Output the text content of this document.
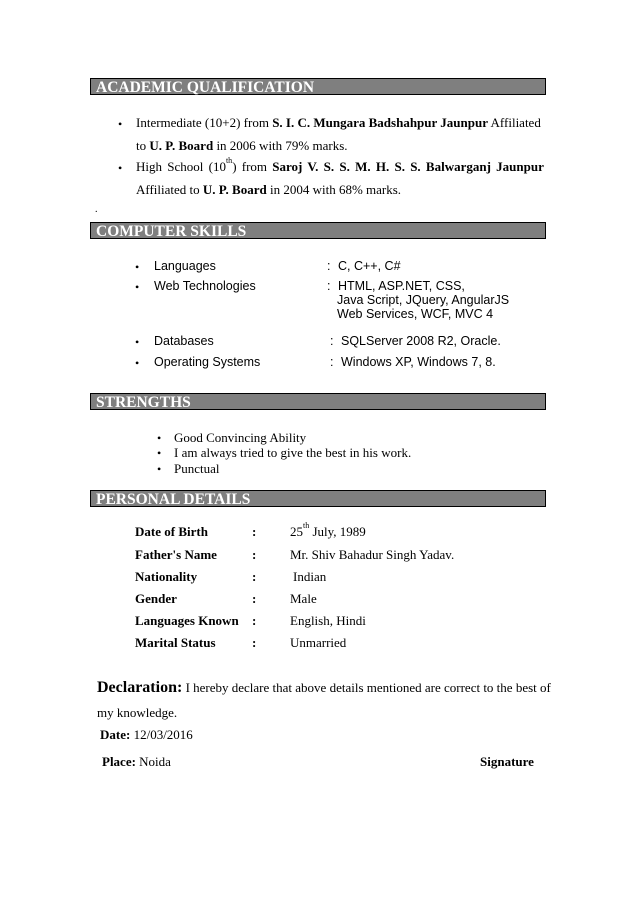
ACADEMIC QUALIFICATION
• Intermediate (10+2) from S. I. C. Mungara Badshahpur Jaunpur Affiliated
to U. P. Board in 2006 with 79% marks.
• High School (10th) from Saroj V. S. S. M. H. S. S. Balwarganj Jaunpur
Affiliated to U. P. Board in 2004 with 68% marks.
.
COMPUTER SKILLS
• Languages	: C, C++, C#
• Web Technologies	: HTML, ASP.NET, CSS,
Java Script, JQuery, AngularJS
Web Services, WCF, MVC 4
• Databases	: SQLServer 2008 R2, Oracle.
• Operating Systems	: Windows XP, Windows 7, 8.
STRENGTHS
• Good Convincing Ability
• I am always tried to give the best in his work.
• Punctual
PERSONAL DETAILS
Date of Birth	:	25th July, 1989
Father's Name	:	Mr. Shiv Bahadur Singh Yadav.
Nationality	:	Indian
Gender	:	Male
Languages Known :	English, Hindi
Marital Status	:	Unmarried
Declaration: I hereby declare that above details mentioned are correct to the best of
my knowledge.
Date: 12/03/2016
Place: Noida	Signature
